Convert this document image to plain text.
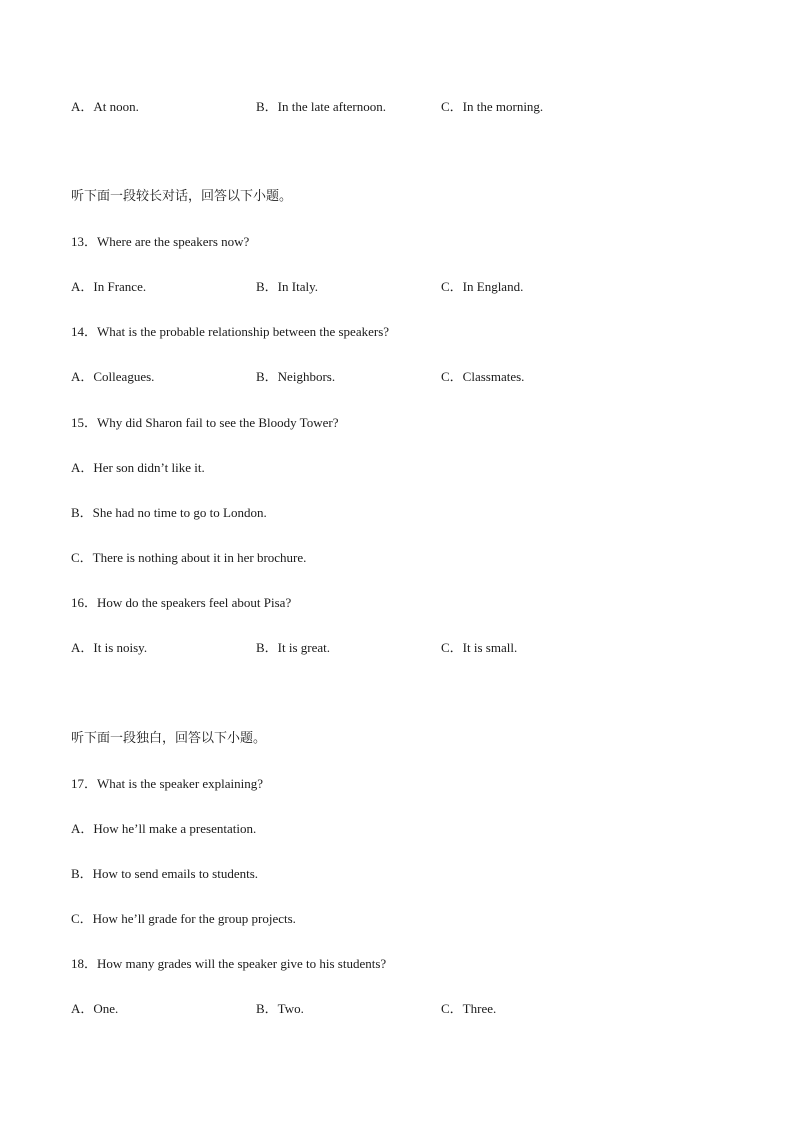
A．At noon.	B．In the late afternoon.	C．In the morning.
听下面一段较长对话，回答以下小题。
13．Where are the speakers now?
A．In France.	B．In Italy.	C．In England.
14．What is the probable relationship between the speakers?
A．Colleagues.	B．Neighbors.	C．Classmates.
15．Why did Sharon fail to see the Bloody Tower?
A．Her son didn’t like it.
B．She had no time to go to London.
C．There is nothing about it in her brochure.
16．How do the speakers feel about Pisa?
A．It is noisy.	B．It is great.	C．It is small.
听下面一段独白，回答以下小题。
17．What is the speaker explaining?
A．How he’ll make a presentation.
B．How to send emails to students.
C．How he’ll grade for the group projects.
18．How many grades will the speaker give to his students?
A．One.	B．Two.	C．Three.
